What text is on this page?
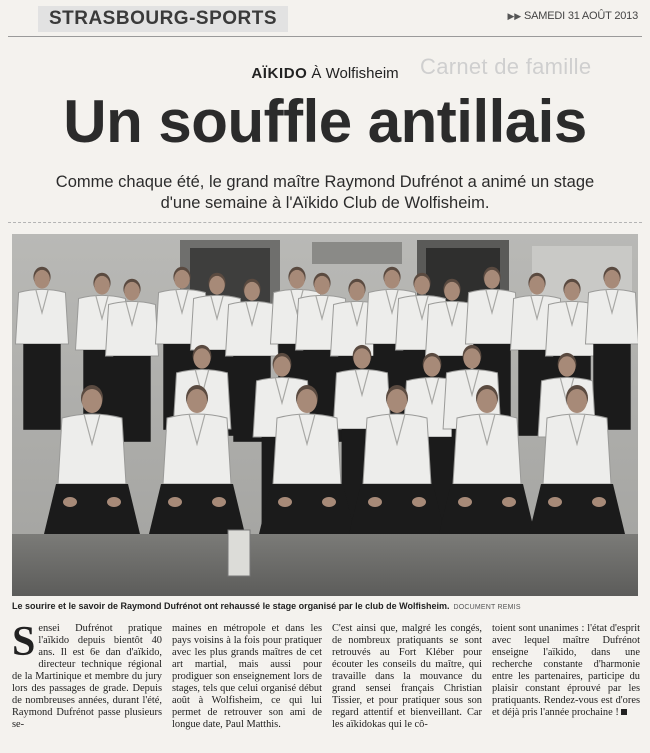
STRASBOURG-SPORTS	▶▶ SAMEDI 31 AOÛT 2013
Carnet de famille
AÏKIDO À Wolfisheim
Un souffle antillais
Comme chaque été, le grand maître Raymond Dufrénot a animé un stage d'une semaine à l'Aïkido Club de Wolfisheim.
Le sourire et le savoir de Raymond Dufrénot ont rehaussé le stage organisé par le club de Wolfisheim. DOCUMENT REMIS
S ensei Dufrénot pratique l'aïkido depuis bientôt 40 ans. Il est 6e dan d'aïkido, directeur technique régional de la Martinique et membre du jury lors des passages de grade. Depuis de nombreuses années, durant l'été, Raymond Dufrénot passe plusieurs se-

maines en métropole et dans les pays voisins à la fois pour pratiquer avec les plus grands maîtres de cet art martial, mais aussi pour prodiguer son enseignement lors de stages, tels que celui organisé début août à Wolfisheim, ce qui lui permet de retrouver son ami de longue date, Paul Matthis.

C'est ainsi que, malgré les congés, de nombreux pratiquants se sont retrouvés au Fort Kléber pour écouter les conseils du maître, qui travaille dans la mouvance du grand sensei français Christian Tissier, et pour pratiquer sous son regard attentif et bienveillant. Car les aïkidokas qui le cô-

toient sont unanimes : l'état d'esprit avec lequel maître Dufrénot enseigne l'aïkido, dans une recherche constante d'harmonie entre les partenaires, participe du plaisir constant éprouvé par les pratiquants. Rendez-vous est d'ores et déjà pris l'année prochaine !
